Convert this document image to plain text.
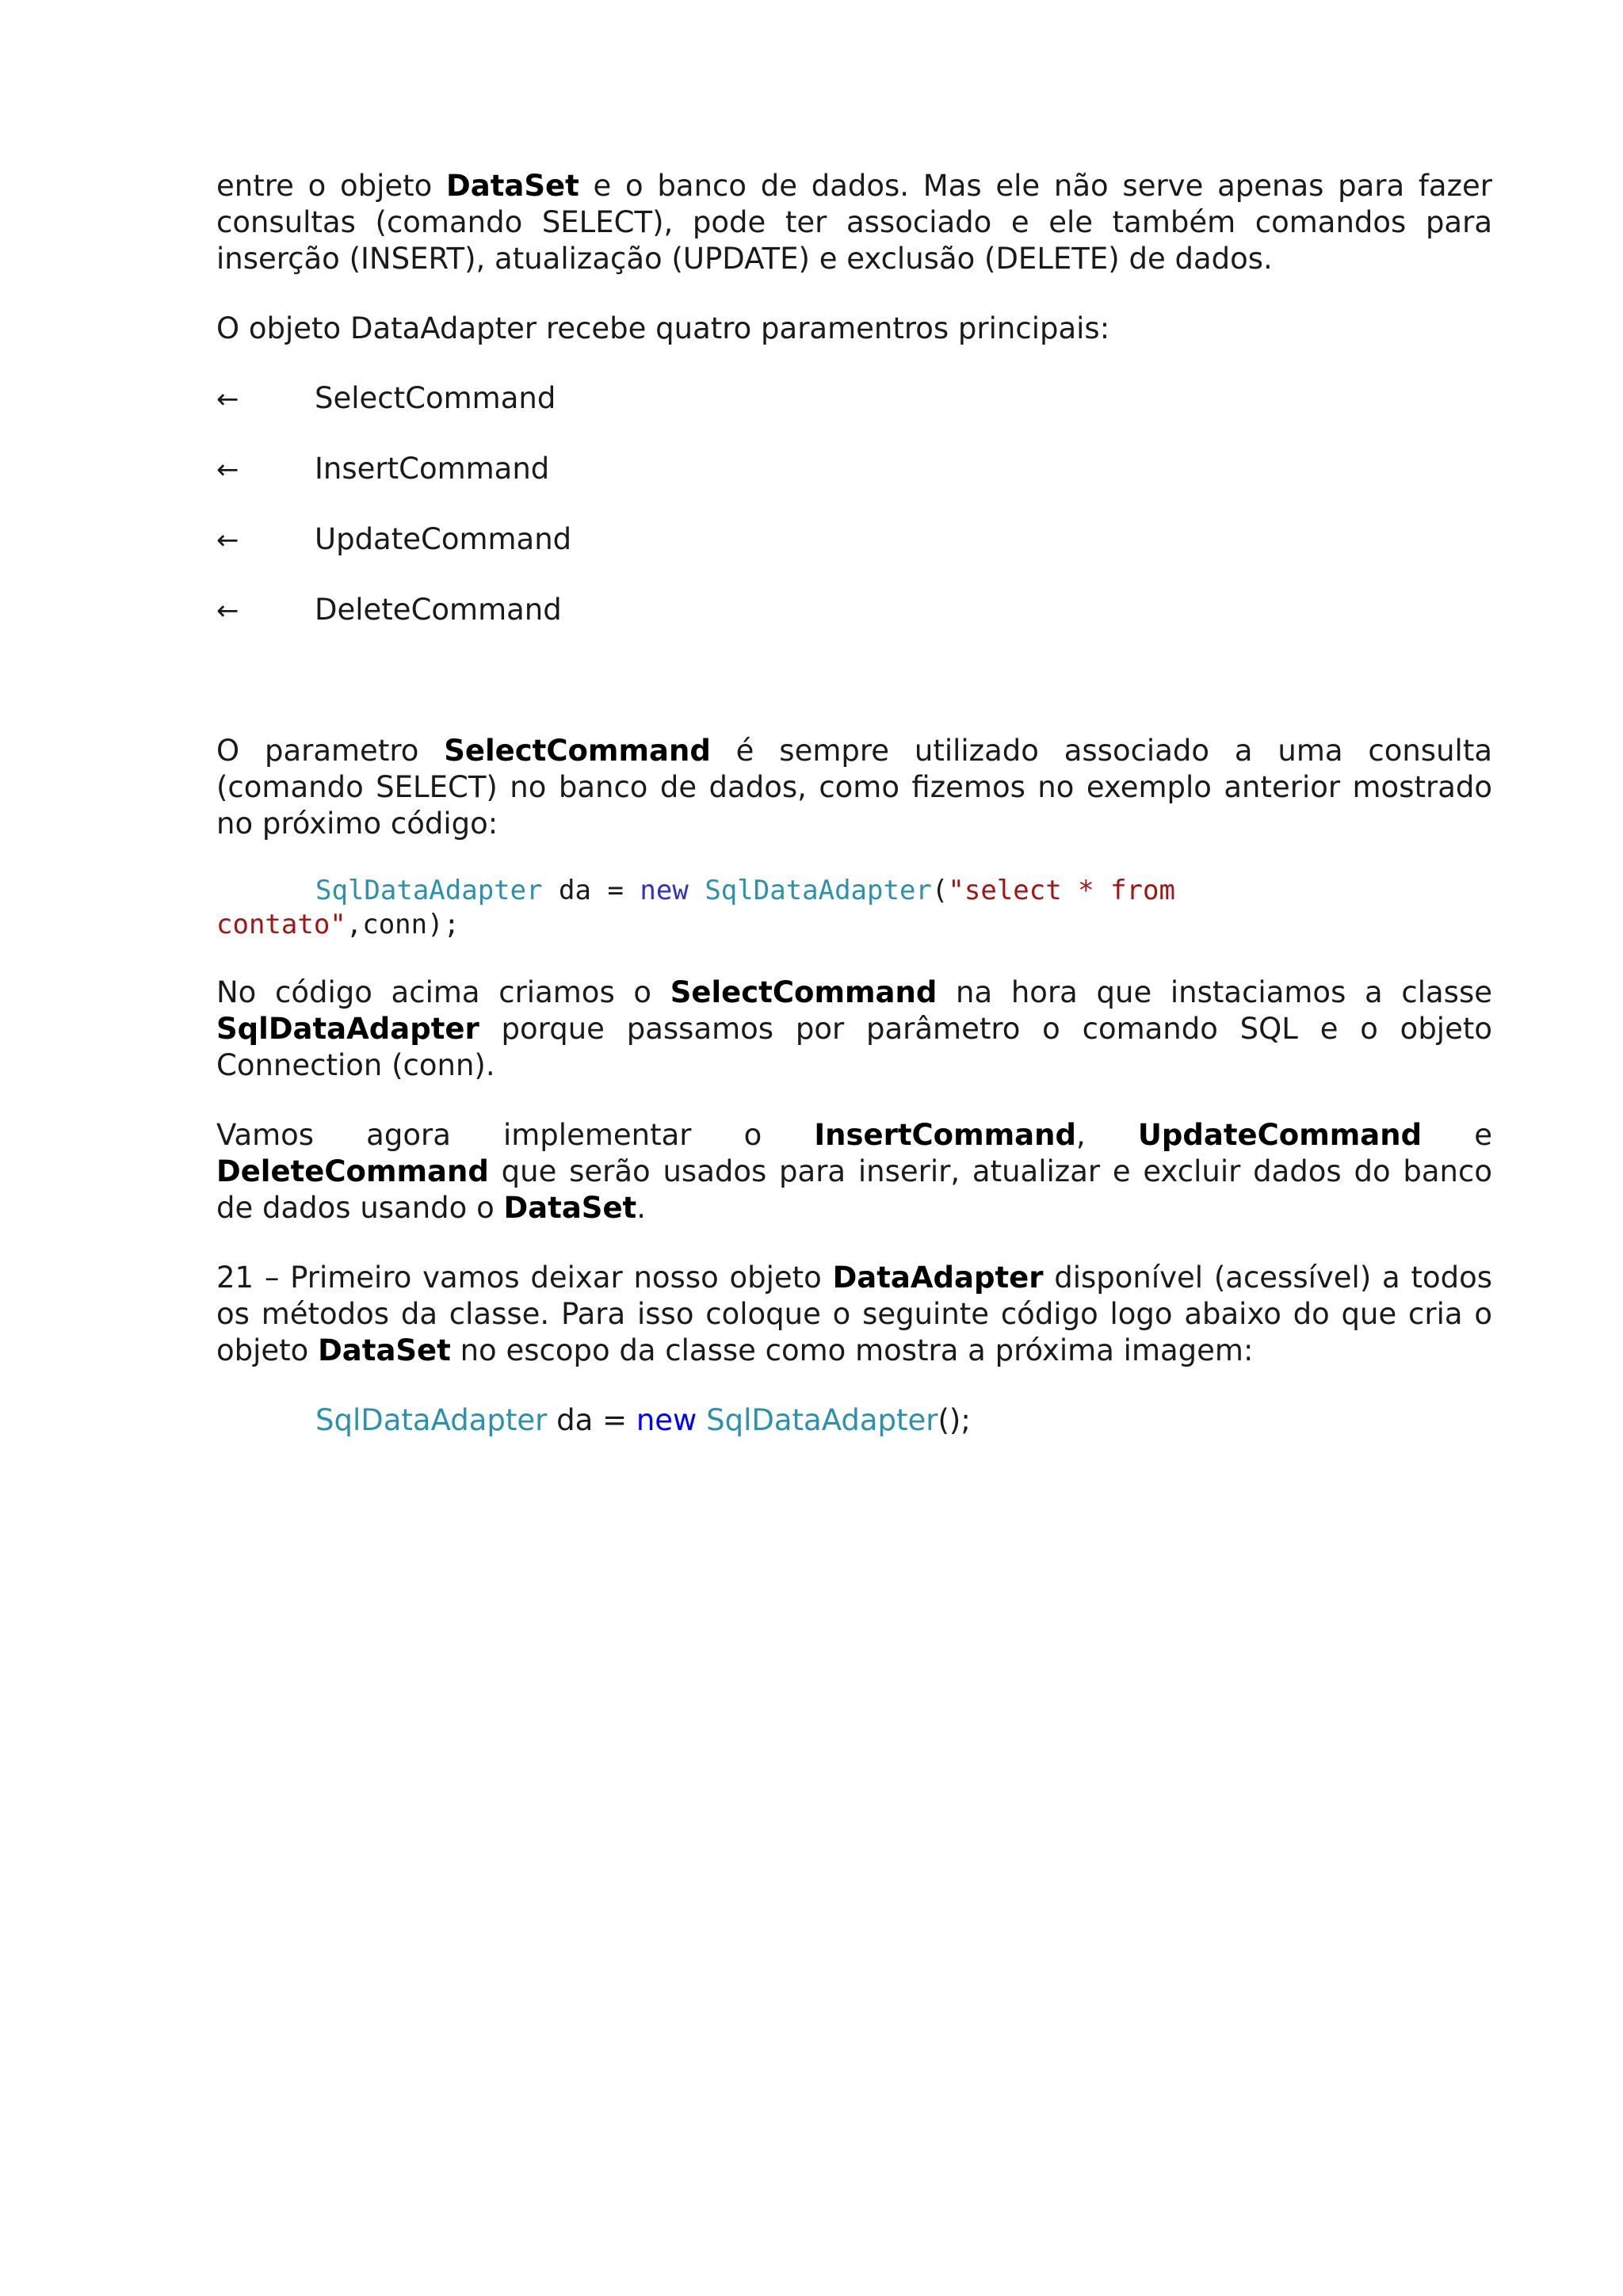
entre o objeto DataSet e o banco de dados. Mas ele não serve apenas para fazer consultas (comando SELECT), pode ter associado e ele também comandos para inserção (INSERT), atualização (UPDATE) e exclusão (DELETE) de dados.

O objeto DataAdapter recebe quatro paramentros principais:

←	SelectCommand
←	InsertCommand
←	UpdateCommand
←	DeleteCommand

O parametro SelectCommand é sempre utilizado associado a uma consulta (comando SELECT) no banco de dados, como fizemos no exemplo anterior mostrado no próximo código:

SqlDataAdapter da = new SqlDataAdapter("select * from
contato",conn);

No código acima criamos o SelectCommand na hora que instaciamos a classe SqlDataAdapter porque passamos por parâmetro o comando SQL e o objeto Connection (conn).

Vamos agora implementar o InsertCommand, UpdateCommand e DeleteCommand que serão usados para inserir, atualizar e excluir dados do banco de dados usando o DataSet.

21 – Primeiro vamos deixar nosso objeto DataAdapter disponível (acessível) a todos os métodos da classe. Para isso coloque o seguinte código logo abaixo do que cria o objeto DataSet no escopo da classe como mostra a próxima imagem:

SqlDataAdapter da = new SqlDataAdapter();
